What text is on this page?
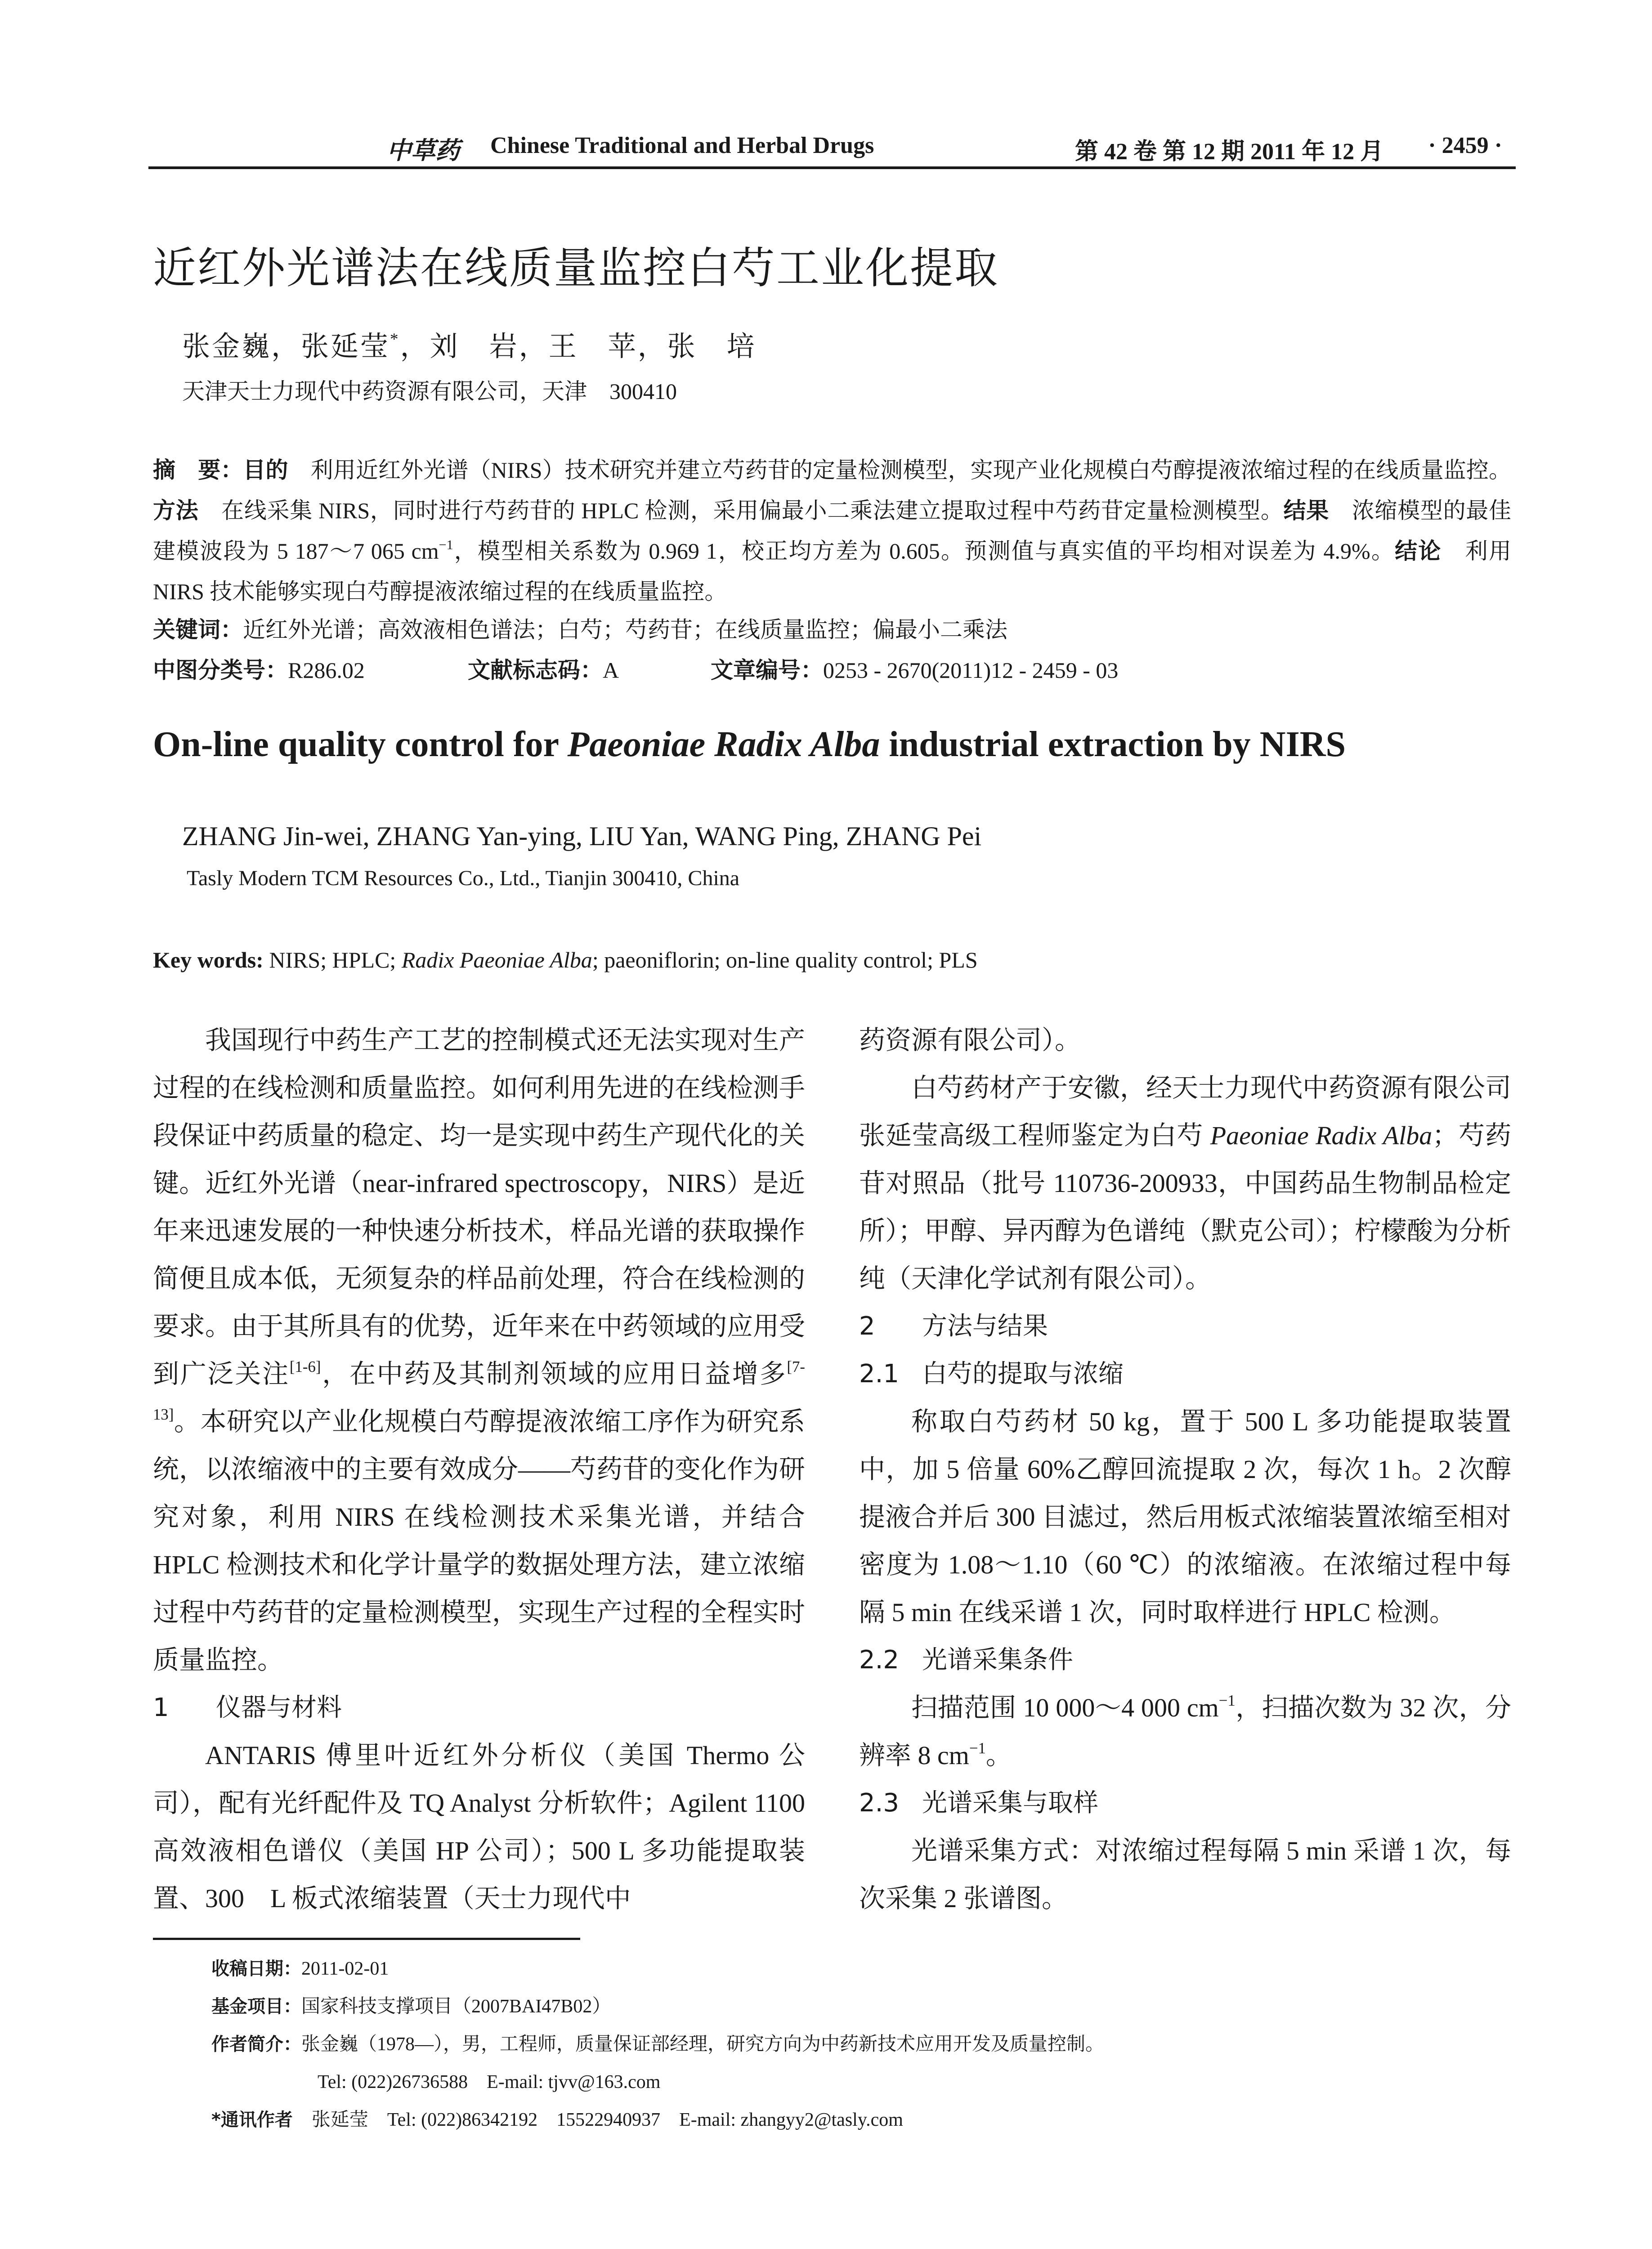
中草药 Chinese Traditional and Herbal Drugs	第 42 卷 第 12 期 2011 年 12 月 · 2459 ·
近红外光谱法在线质量监控白芍工业化提取
张金巍，张延莹*，刘　岩，王　苹，张　培
天津天士力现代中药资源有限公司，天津　300410
摘　要：目的　 利用近红外光谱（NIRS）技术研究并建立芍药苷的定量检测模型，实现产业化规模白芍醇提液浓缩过程的在线质量监控。方法　 在线采集 NIRS，同时进行芍药苷的 HPLC 检测，采用偏最小二乘法建立提取过程中芍药苷定量检测模型。结果　 浓缩模型的最佳建模波段为 5 187～7 065 $cm^{-1}$，模型相关系数为 0.969 1，校正均方差为 0.605。预测值与真实值的平均相对误差为 4.9%。结论　 利用 NIRS 技术能够实现白芍醇提液浓缩过程的在线质量监控。
关键词：近红外光谱；高效液相色谱法；白芍；芍药苷；在线质量监控；偏最小二乘法
中图分类号：R286.02	文献标志码：A	文章编号：0253 - 2670(2011)12 - 2459 - 03
On-line quality control for Paeoniae Radix Alba industrial extraction by NIRS
ZHANG Jin-wei, ZHANG Yan-ying, LIU Yan, WANG Ping, ZHANG Pei
Tasly Modern TCM Resources Co., Ltd., Tianjin 300410, China
Key words: NIRS; HPLC; Radix Paeoniae Alba; paeoniflorin; on-line quality control; PLS

我国现行中药生产工艺的控制模式还无法实现对生产过程的在线检测和质量监控。如何利用先进的在线检测手段保证中药质量的稳定、均一是实现中药生产现代化的关键。近红外光谱（near-infrared spectroscopy，NIRS）是近年来迅速发展的一种快速分析技术，样品光谱的获取操作简便且成本低，无须复杂的样品前处理，符合在线检测的要求。由于其所具有的优势，近年来在中药领域的应用受到广泛关注[1-6]，在中药及其制剂领域的应用日益增多[7-13]。本研究以产业化规模白芍醇提液浓缩工序作为研究系统，以浓缩液中的主要有效成分——芍药苷的变化作为研究对象，利用 NIRS 在线检测技术采集光谱，并结合 HPLC 检测技术和化学计量学的数据处理方法，建立浓缩过程中芍药苷的定量检测模型，实现生产过程的全程实时质量监控。

1 仪器与材料

ANTARIS 傅里叶近红外分析仪（美国 Thermo 公司），配有光纤配件及 TQ Analyst 分析软件；Agilent 1100 高效液相色谱仪（美国 HP 公司）；500 L 多功能提取装置、300　L 板式浓缩装置（天士力现代中

药资源有限公司）。

白芍药材产于安徽，经天士力现代中药资源有限公司张延莹高级工程师鉴定为白芍 Paeoniae Radix Alba；芍药苷对照品（批号 110736-200933，中国药品生物制品检定所）；甲醇、异丙醇为色谱纯（默克公司）；柠檬酸为分析纯（天津化学试剂有限公司）。

2 方法与结果

2.1 白芍的提取与浓缩

称取白芍药材 50 kg，置于 500 L 多功能提取装置中，加 5 倍量 60%乙醇回流提取 2 次，每次 1 h。2 次醇提液合并后 300 目滤过，然后用板式浓缩装置浓缩至相对密度为 1.08～1.10（60 ℃）的浓缩液。在浓缩过程中每隔 5 min 在线采谱 1 次，同时取样进行 HPLC 检测。

2.2 光谱采集条件

扫描范围 10 000～4 000 $cm^{-1}$，扫描次数为 32 次，分辨率 8 $cm^{-1}$。

2.3 光谱采集与取样

光谱采集方式：对浓缩过程每隔 5 min 采谱 1 次，每次采集 2 张谱图。

收稿日期：2011-02-01
基金项目：国家科技支撑项目（2007BAI47B02）
作者简介：张金巍（1978—），男，工程师，质量保证部经理，研究方向为中药新技术应用开发及质量控制。
Tel: (022)26736588　E-mail: tjvv@163.com
*通讯作者　张延莹　Tel: (022)86342192　15522940937　E-mail: zhangyy2@tasly.com
